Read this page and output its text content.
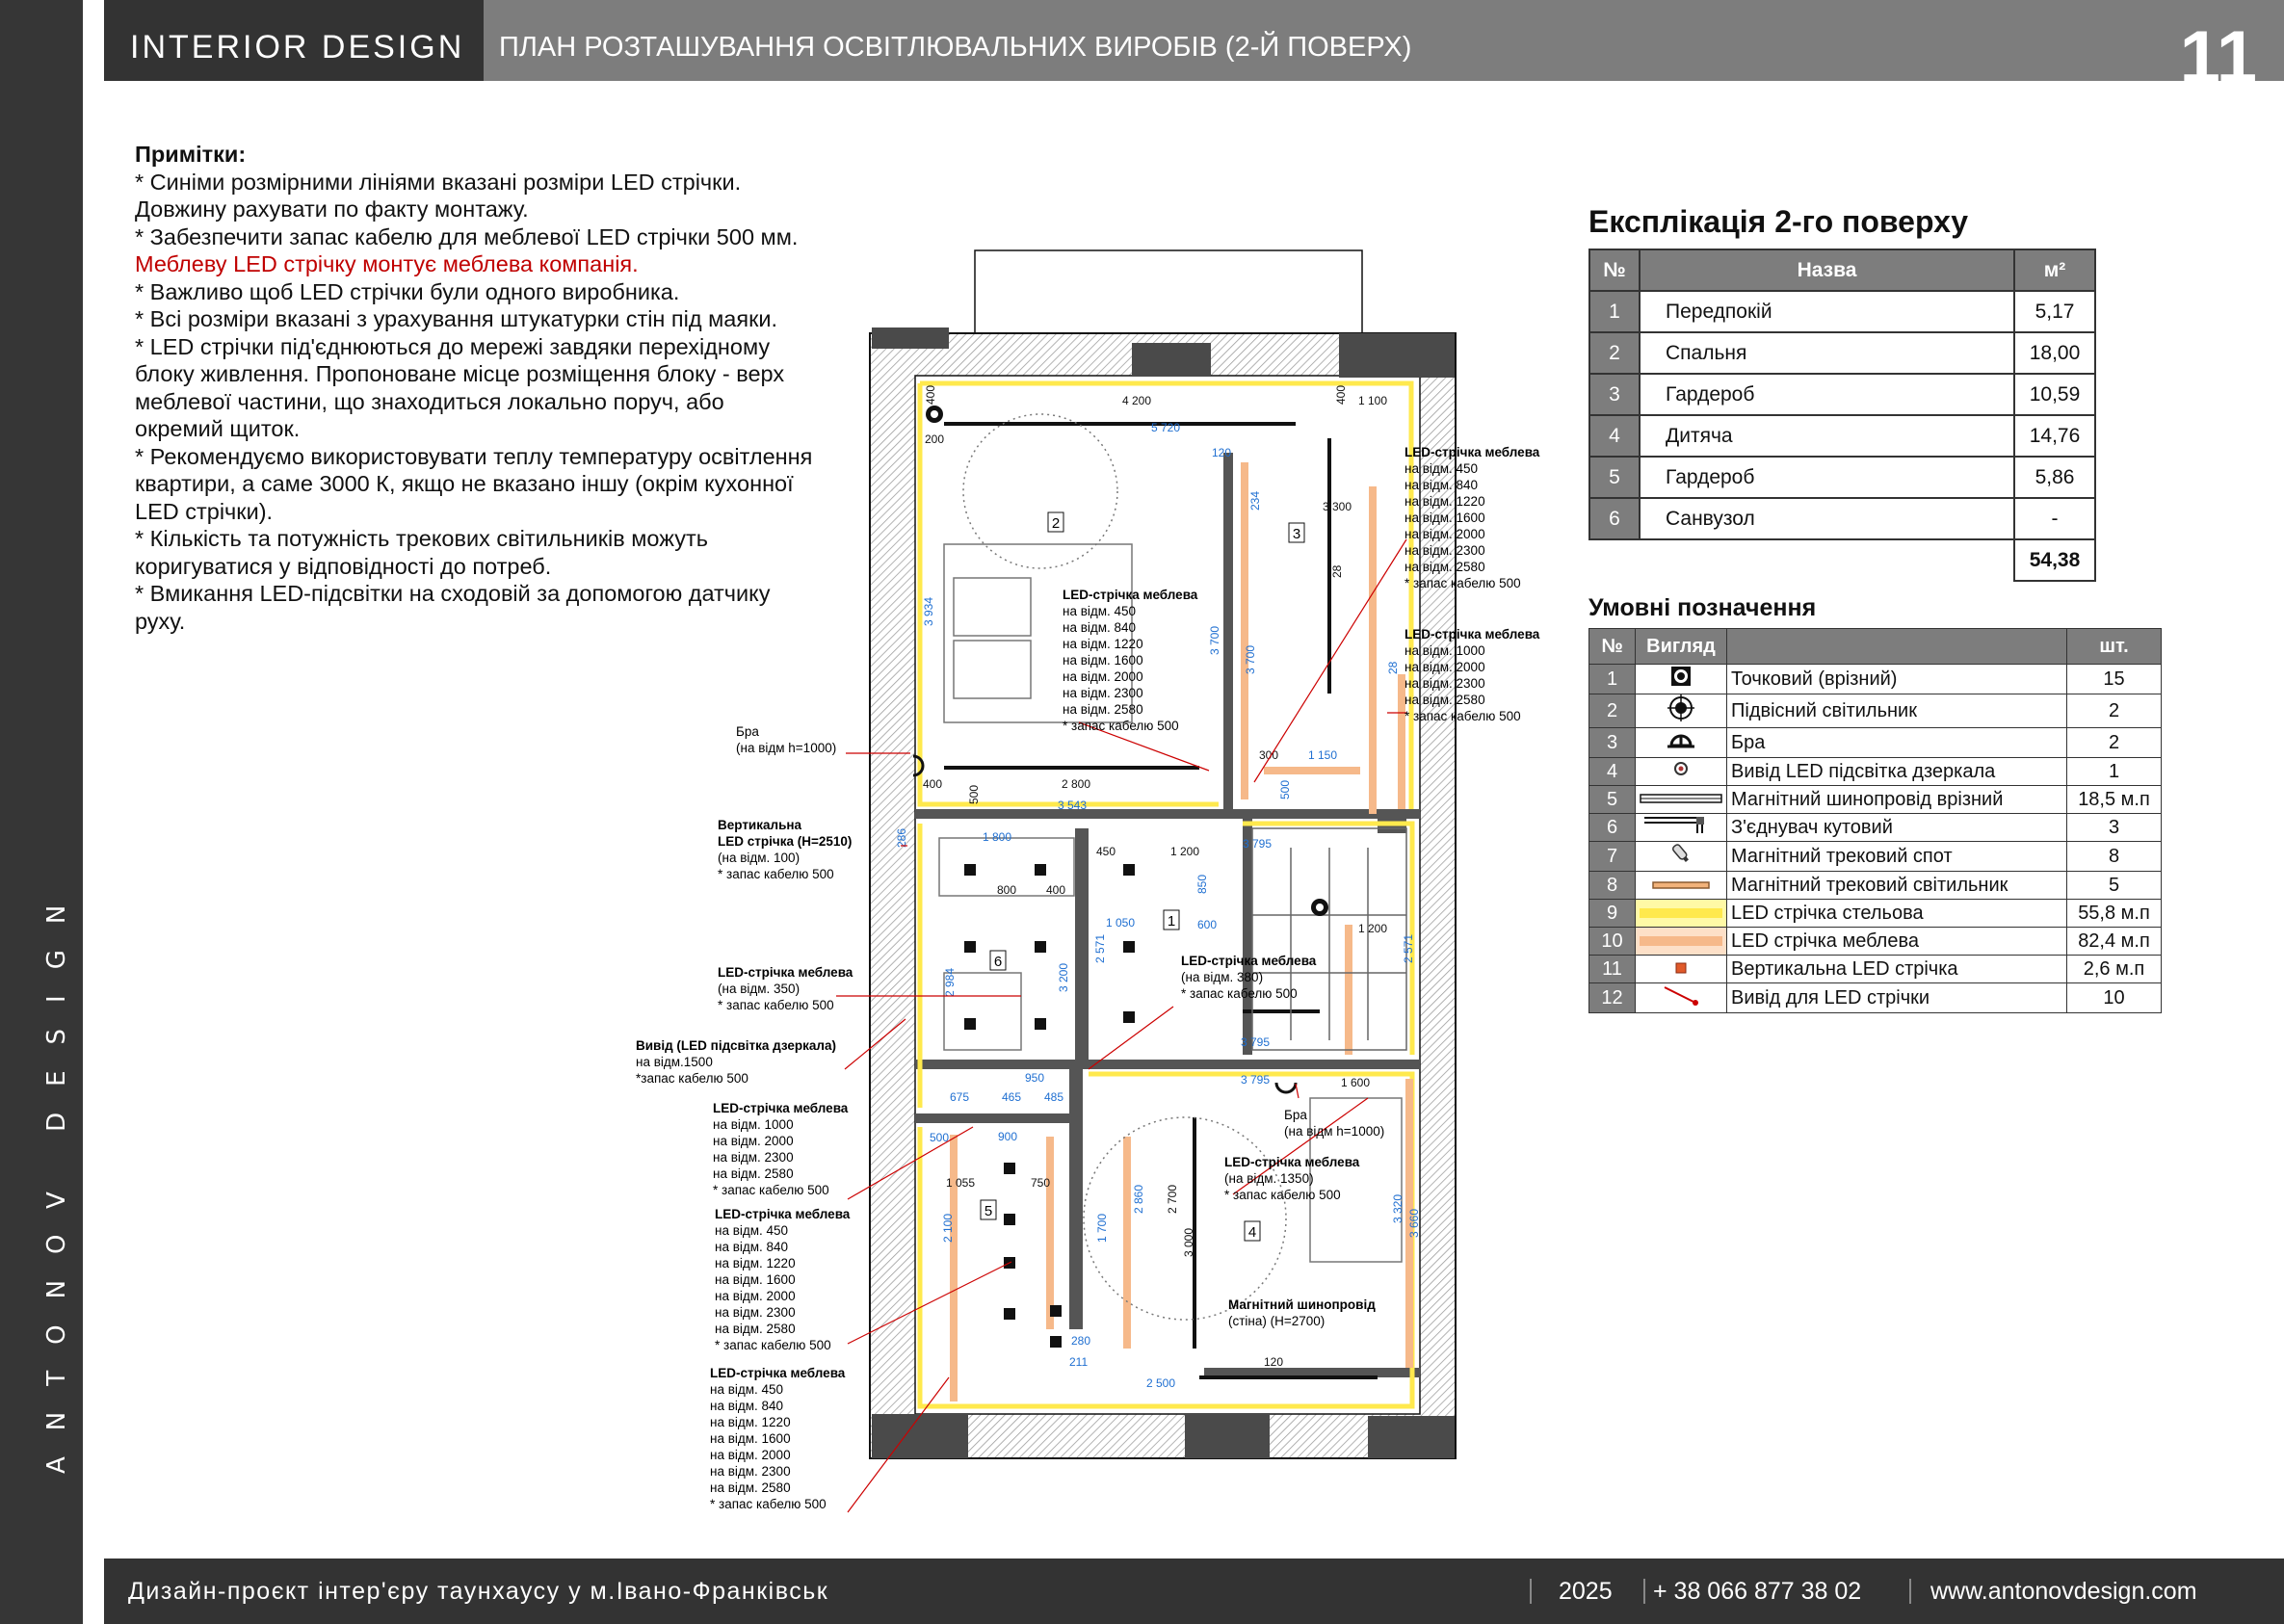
ANTONOV DESIGN
INTERIOR DESIGN	ПЛАН РОЗТАШУВАННЯ ОСВІТЛЮВАЛЬНИХ ВИРОБІВ (2-Й ПОВЕРХ)	11
Примітки:
* Синіми розмірними лініями вказані розміри LED стрічки.
Довжину рахувати по факту монтажу.
* Забезпечити запас кабелю для меблевої LED стрічки 500 мм.
Меблеву LED стрічку монтує меблева компанія.
* Важливо щоб LED стрічки були одного виробника.
* Всі розміри вказані з урахування штукатурки стін під маяки.
* LED стрічки під'єднюються до мережі завдяки перехідному
блоку живлення. Пропоноване місце розміщення блоку - верх
меблевої частини, що знаходиться локально поруч, або
окремий щиток.
* Рекомендуємо використовувати теплу температуру освітлення
квартири, а саме 3000 К, якщо не вказано іншу (окрім кухонної
LED стрічки).
* Кількість та потужність трекових світильників можуть
коригуватися у відповідності до потреб.
* Вмикання LED-підсвітки на сходовій за допомогою датчику
руху.
Експлікація 2-го поверху
№	Назва	м²
1	Передпокій	5,17
2	Спальня	18,00
3	Гардероб	10,59
4	Дитяча	14,76
5	Гардероб	5,86
6	Санвузол	-
		54,38
Умовні позначення
№	Вигляд		шт.
1		Точковий (врізний)	15
2		Підвісний світильник	2
3		Бра	2
4		Вивід LED підсвітка дзеркала	1
5		Магнітний шинопровід врізний	18,5 м.п
6		З'єднувач кутовий	3
7		Магнітний трековий спот	8
8		Магнітний трековий світильник	5
9		LED стрічка стельова	55,8 м.п
10		LED стрічка меблева	82,4 м.п
11		Вертикальна LED стрічка	2,6 м.п
12		Вивід для LED стрічки	10
2
3
1
6
5
4
4 200	1 100
5 720
200
120
3 300
300	1 150
2 800
3 543
400
1 800
450	1 200
3 795
800	400
1 050	600	1 200
3 795
950
675	465 485
3 795	1 600
500	900
1 055	750
120
2 500
280
211
400	400
234
28
3 934
3 700
3 700	28
500
500
286
850
2 984	3 200
2 571	2 571
2 100	1 700
2 860 2 700
3 000
3 320 3 660
LED-стрічка меблева
на відм. 450
на відм. 840
на відм. 1220
на відм. 1600
на відм. 2000
на відм. 2300
на відм. 2580
* запас кабелю 500
LED-стрічка меблева
на відм. 450
на відм. 840
на відм. 1220
на відм. 1600
на відм. 2000
на відм. 2300
на відм. 2580
* запас кабелю 500
LED-стрічка меблева
на відм. 1000
на відм. 2000
на відм. 2300
на відм. 2580
* запас кабелю 500
Бра
(на відм h=1000)
Вертикальна
LED стрічка (H=2510)
(на відм. 100)
* запас кабелю 500
LED-стрічка меблева
(на відм. 350)
* запас кабелю 500
Вивід (LED підсвітка дзеркала)
на відм.1500
*запас кабелю 500
LED-стрічка меблева
на відм. 1000
на відм. 2000
на відм. 2300
на відм. 2580
* запас кабелю 500
LED-стрічка меблева
на відм. 450
на відм. 840
на відм. 1220
на відм. 1600
на відм. 2000
на відм. 2300
на відм. 2580
* запас кабелю 500
LED-стрічка меблева
на відм. 450
на відм. 840
на відм. 1220
на відм. 1600
на відм. 2000
на відм. 2300
на відм. 2580
* запас кабелю 500
LED-стрічка меблева
(на відм. 380)
* запас кабелю 500
Бра
(на відм h=1000)
LED-стрічка меблева
(на відм. 1350)
* запас кабелю 500
Магнітний шинопровід
(стіна) (H=2700)
Дизайн-проєкт інтер'єру таунхаусу у м.Івано-Франківськ	2025 + 38 066 877 38 02	www.antonovdesign.com
